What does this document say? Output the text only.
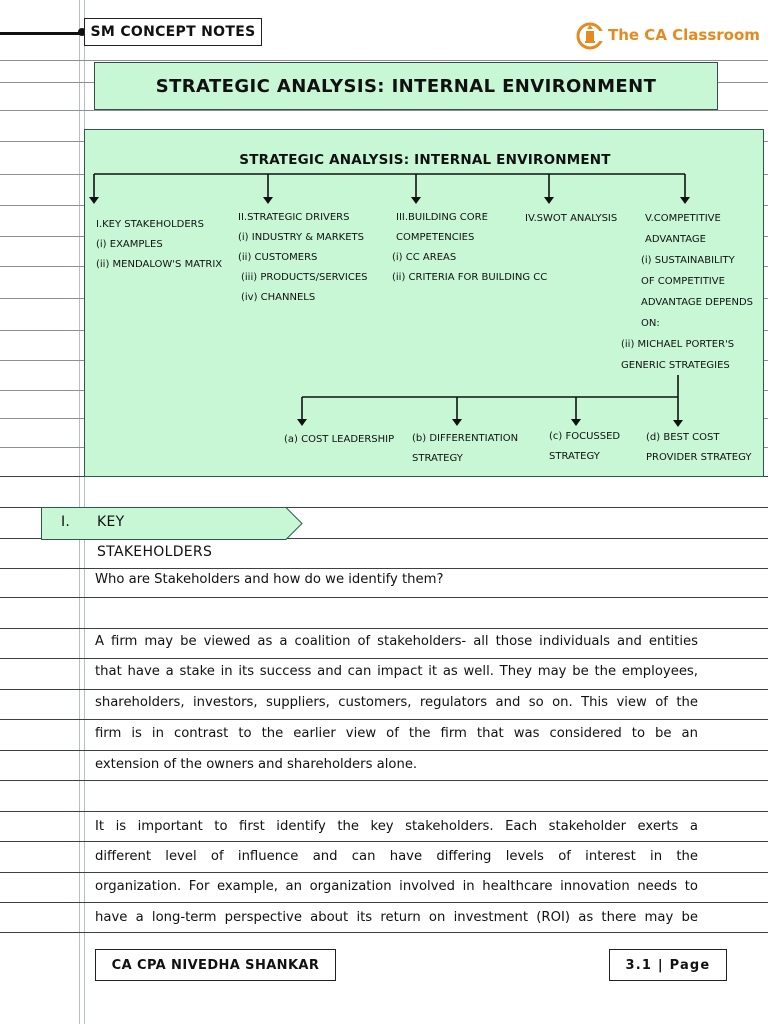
SM CONCEPT NOTES	The CA Classroom
STRATEGIC ANALYSIS: INTERNAL ENVIRONMENT
STRATEGIC ANALYSIS: INTERNAL ENVIRONMENT
I.KEY STAKEHOLDERS
(i) EXAMPLES
(ii) MENDALOW'S MATRIX
II.STRATEGIC DRIVERS
(i) INDUSTRY & MARKETS
(ii) CUSTOMERS
(iii) PRODUCTS/SERVICES
(iv) CHANNELS
III.BUILDING CORE
COMPETENCIES
(i) CC AREAS
(ii) CRITERIA FOR BUILDING CC
IV.SWOT ANALYSIS	V.COMPETITIVE
ADVANTAGE
(i) SUSTAINABILITY
OF COMPETITIVE
ADVANTAGE DEPENDS
ON:
(ii) MICHAEL PORTER'S
GENERIC STRATEGIES
(a) COST LEADERSHIP (b) DIFFERENTIATION
STRATEGY
(c) FOCUSSED
STRATEGY
(d) BEST COST
PROVIDER STRATEGY
I. KEY STAKEHOLDERS
Who are Stakeholders and how do we identify them?
A firm may be viewed as a coalition of stakeholders- all those individuals and entities
that have a stake in its success and can impact it as well. They may be the employees,
shareholders, investors, suppliers, customers, regulators and so on. This view of the
firm is in contrast to the earlier view of the firm that was considered to be an
extension of the owners and shareholders alone.
It is important to first identify the key stakeholders. Each stakeholder exerts a
different level of influence and can have differing levels of interest in the
organization. For example, an organization involved in healthcare innovation needs to
have a long-term perspective about its return on investment (ROI) as there may be
CA CPA NIVEDHA SHANKAR	3.1 | Page
